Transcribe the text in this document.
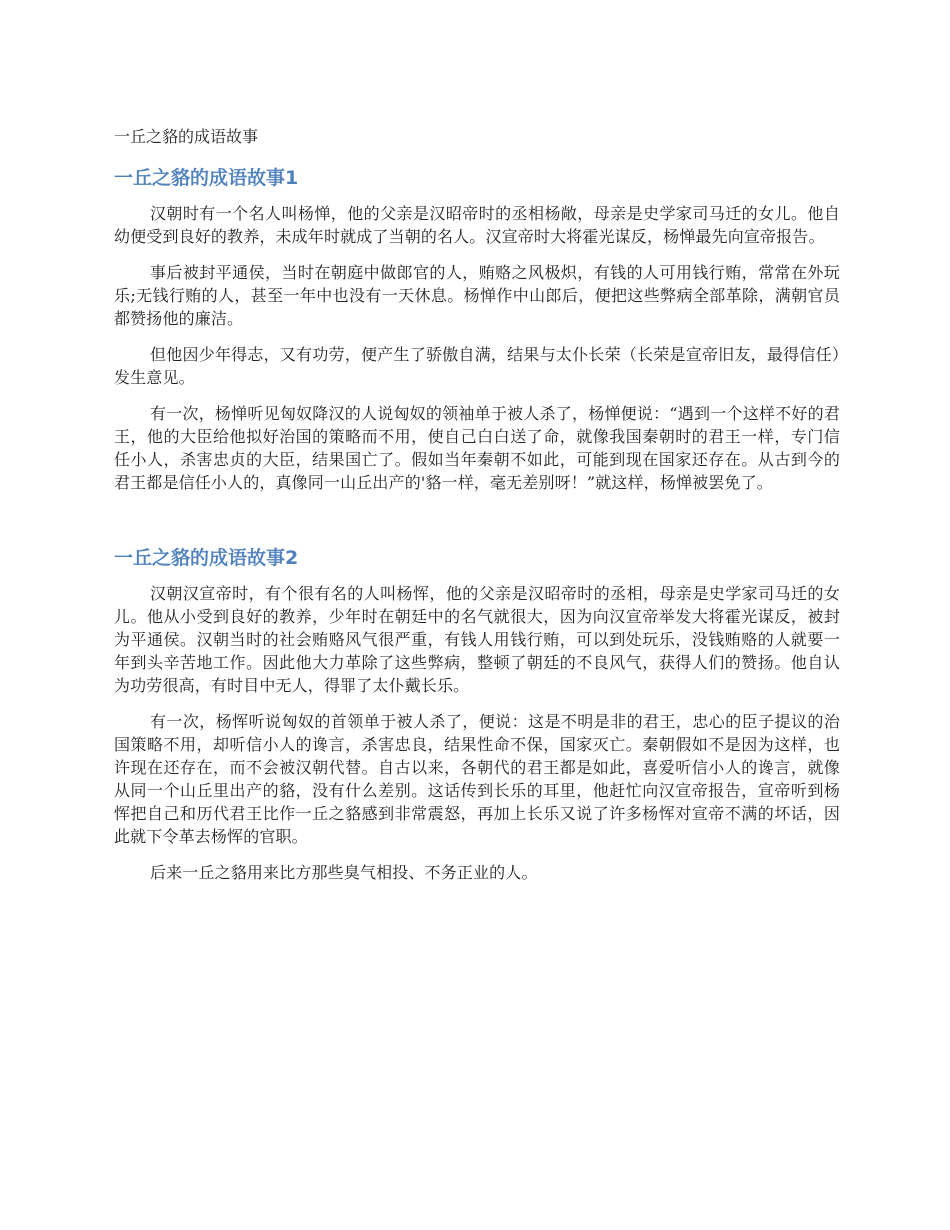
一丘之貉的成语故事
一丘之貉的成语故事1

汉朝时有一个名人叫杨惮，他的父亲是汉昭帝时的丞相杨敞，母亲是史学家司马迁的女儿。他自幼便受到良好的教养，未成年时就成了当朝的名人。汉宣帝时大将霍光谋反，杨惮最先向宣帝报告。

事后被封平通侯，当时在朝庭中做郎官的人，贿赂之风极炽，有钱的人可用钱行贿，常常在外玩乐;无钱行贿的人，甚至一年中也没有一天休息。杨惮作中山郎后，便把这些弊病全部革除，满朝官员都赞扬他的廉洁。

但他因少年得志，又有功劳，便产生了骄傲自满，结果与太仆长荣（长荣是宣帝旧友，最得信任）发生意见。

有一次，杨惮听见匈奴降汉的人说匈奴的领袖单于被人杀了，杨惮便说：“遇到一个这样不好的君王，他的大臣给他拟好治国的策略而不用，使自己白白送了命，就像我国秦朝时的君王一样，专门信任小人，杀害忠贞的大臣，结果国亡了。假如当年秦朝不如此，可能到现在国家还存在。从古到今的君王都是信任小人的，真像同一山丘出产的'貉一样，毫无差别呀！”就这样，杨惮被罢免了。

一丘之貉的成语故事2

汉朝汉宣帝时，有个很有名的人叫杨恽，他的父亲是汉昭帝时的丞相，母亲是史学家司马迁的女儿。他从小受到良好的教养，少年时在朝廷中的名气就很大，因为向汉宣帝举发大将霍光谋反，被封为平通侯。汉朝当时的社会贿赂风气很严重，有钱人用钱行贿，可以到处玩乐，没钱贿赂的人就要一年到头辛苦地工作。因此他大力革除了这些弊病，整顿了朝廷的不良风气，获得人们的赞扬。他自认为功劳很高，有时目中无人，得罪了太仆戴长乐。

有一次，杨恽听说匈奴的首领单于被人杀了，便说：这是不明是非的君王，忠心的臣子提议的治国策略不用，却听信小人的谗言，杀害忠良，结果性命不保，国家灭亡。秦朝假如不是因为这样，也许现在还存在，而不会被汉朝代替。自古以来，各朝代的君王都是如此，喜爱听信小人的谗言，就像从同一个山丘里出产的貉，没有什么差别。这话传到长乐的耳里，他赶忙向汉宣帝报告，宣帝听到杨恽把自己和历代君王比作一丘之貉感到非常震怒，再加上长乐又说了许多杨恽对宣帝不满的坏话，因此就下令革去杨恽的官职。

后来一丘之貉用来比方那些臭气相投、不务正业的人。
